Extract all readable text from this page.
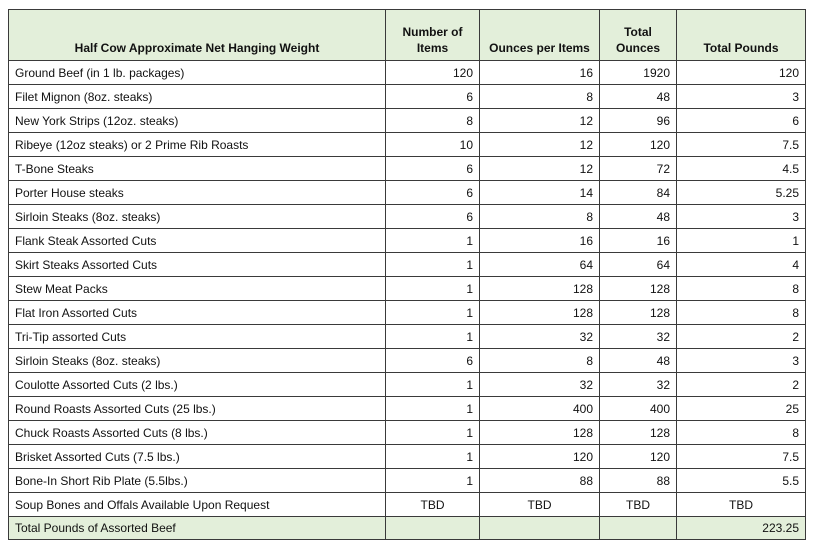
Half Cow Approximate Net Hanging Weight	Number of Items	Ounces per Items	Total Ounces	Total Pounds
Ground Beef (in 1 lb. packages)	120	16	1920	120
Filet Mignon (8oz. steaks)	6	8	48	3
New York Strips (12oz. steaks)	8	12	96	6
Ribeye (12oz steaks) or 2 Prime Rib Roasts	10	12	120	7.5
T-Bone Steaks	6	12	72	4.5
Porter House steaks	6	14	84	5.25
Sirloin Steaks (8oz. steaks)	6	8	48	3
Flank Steak Assorted Cuts	1	16	16	1
Skirt Steaks Assorted Cuts	1	64	64	4
Stew Meat Packs	1	128	128	8
Flat Iron Assorted Cuts	1	128	128	8
Tri-Tip assorted Cuts	1	32	32	2
Sirloin Steaks (8oz. steaks)	6	8	48	3
Coulotte Assorted Cuts (2 lbs.)	1	32	32	2
Round Roasts Assorted Cuts (25 lbs.)	1	400	400	25
Chuck Roasts Assorted Cuts (8 lbs.)	1	128	128	8
Brisket Assorted Cuts (7.5 lbs.)	1	120	120	7.5
Bone-In Short Rib Plate (5.5lbs.)	1	88	88	5.5
Soup Bones and Offals Available Upon Request	TBD	TBD	TBD	TBD
Total Pounds of Assorted Beef				223.25
